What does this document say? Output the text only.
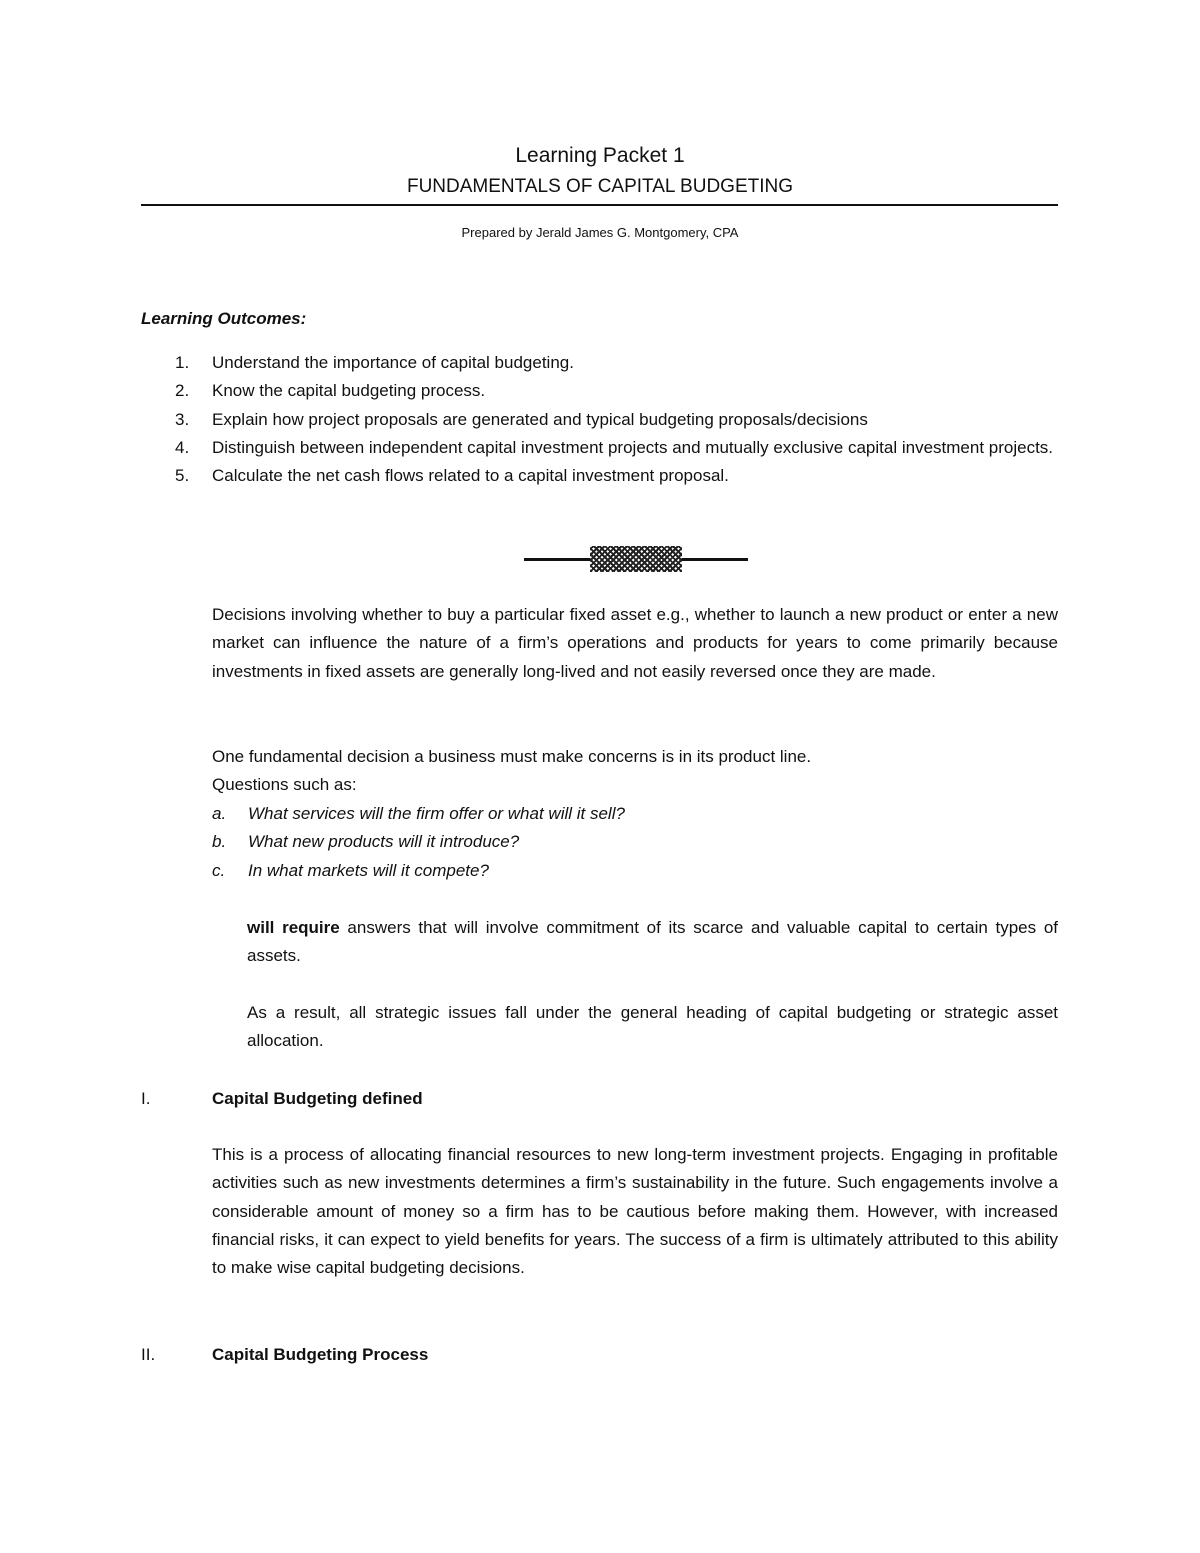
Learning Packet 1
FUNDAMENTALS OF CAPITAL BUDGETING
Prepared by Jerald James G. Montgomery, CPA
Learning Outcomes:
1. Understand the importance of capital budgeting.
2. Know the capital budgeting process.
3. Explain how project proposals are generated and typical budgeting proposals/decisions
4. Distinguish between independent capital investment projects and mutually exclusive capital investment projects.
5. Calculate the net cash flows related to a capital investment proposal.

Decisions involving whether to buy a particular fixed asset e.g., whether to launch a new product or enter a new market can influence the nature of a firm’s operations and products for years to come primarily because investments in fixed assets are generally long-lived and not easily reversed once they are made.

One fundamental decision a business must make concerns is in its product line.
Questions such as:

a. What services will the firm offer or what will it sell?
b. What new products will it introduce?
c. In what markets will it compete?

will require answers that will involve commitment of its scarce and valuable capital to certain types of assets.

As a result, all strategic issues fall under the general heading of capital budgeting or strategic asset allocation.

I.	Capital Budgeting defined

This is a process of allocating financial resources to new long-term investment projects. Engaging in profitable activities such as new investments determines a firm’s sustainability in the future. Such engagements involve a considerable amount of money so a firm has to be cautious before making them. However, with increased financial risks, it can expect to yield benefits for years. The success of a firm is ultimately attributed to this ability to make wise capital budgeting decisions.

II.	Capital Budgeting Process
